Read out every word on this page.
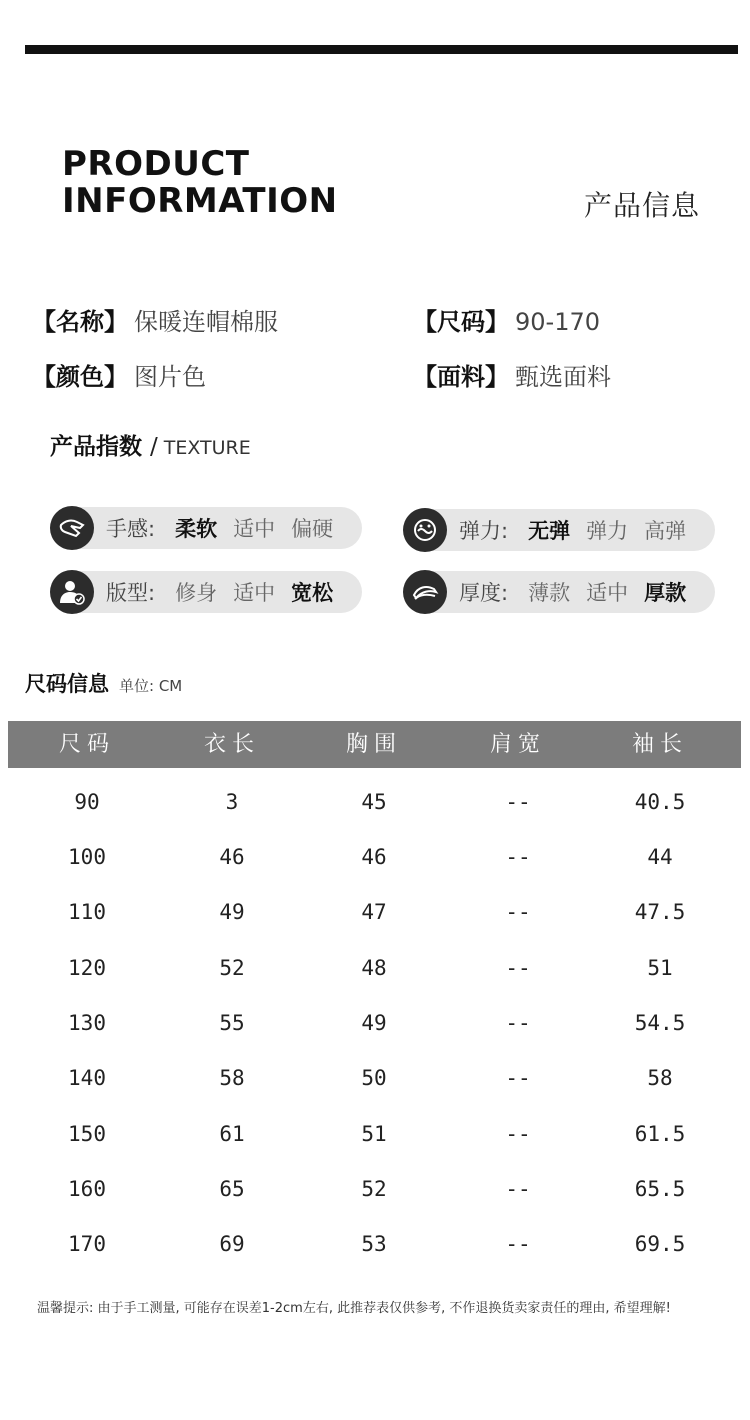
PRODUCT
INFORMATION	产品信息
【名称】 保暖连帽棉服	【尺码】 90-170
【颜色】 图片色	【面料】 甄选面料
产品指数 / TEXTURE
手感: 柔软 适中 偏硬	弹力: 无弹 弹力 高弹
版型: 修身 适中 宽松	厚度: 薄款 适中 厚款
尺码信息 单位: CM
尺码	衣长	胸围	肩宽	袖长
90	3	45	--	40.5
100	46	46	--	44
110	49	47	--	47.5
120	52	48	--	51
130	55	49	--	54.5
140	58	50	--	58
150	61	51	--	61.5
160	65	52	--	65.5
170	69	53	--	69.5
温馨提示: 由于手工测量, 可能存在误差1-2cm左右, 此推荐表仅供参考, 不作退换货卖家责任的理由, 希望理解!
